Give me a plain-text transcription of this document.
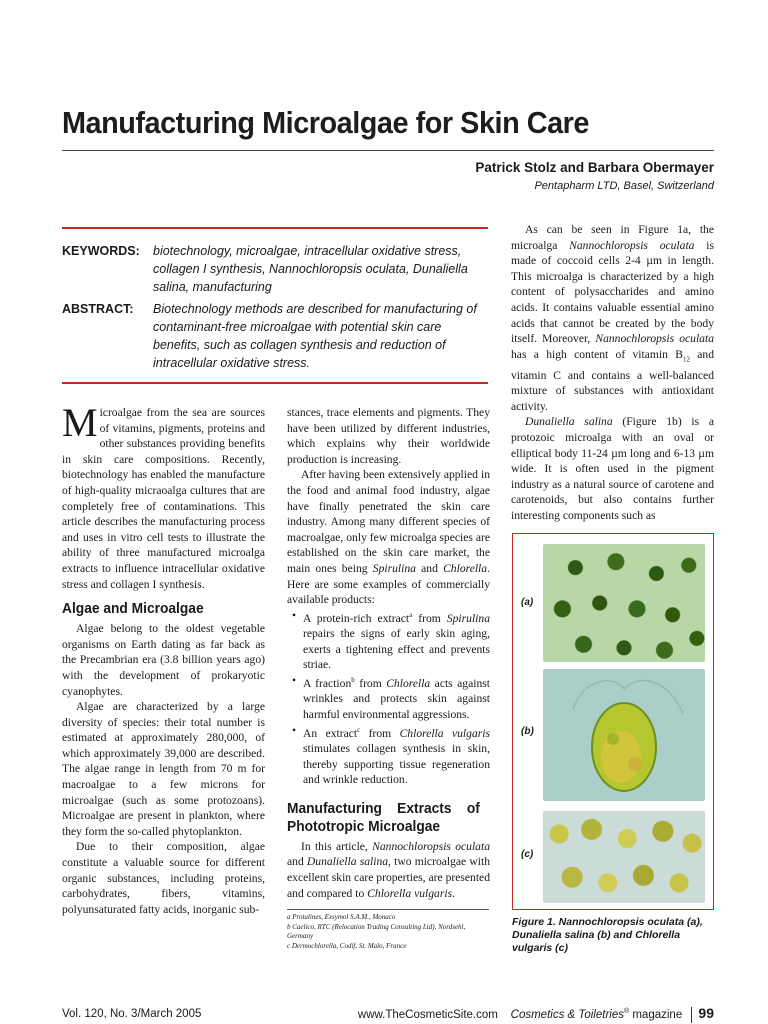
Manufacturing Microalgae for Skin Care
Patrick Stolz and Barbara Obermayer
Pentapharm LTD, Basel, Switzerland
KEYWORDS: biotechnology, microalgae, intracellular oxidative stress, collagen I synthesis, Nannochloropsis oculata, Dunaliella salina, manufacturing
ABSTRACT: Biotechnology methods are described for manufacturing of contaminant-free microalgae with potential skin care benefits, such as collagen synthesis and reduction of intracellular oxidative stress.

Microalgae from the sea are sources of vitamins, pigments, proteins and other substances providing benefits in skin care compositions. Recently, biotechnology has enabled the manufacture of high-quality micraoalga cultures that are completely free of contaminations. This article describes the manufacturing process and uses in vitro cell tests to illustrate the ability of three manufactured microalga extracts to influence intracellular oxidative stress and collagen I synthesis.

Algae and Microalgae

Algae belong to the oldest vegetable organisms on Earth dating as far back as the Precambrian era (3.8 billion years ago) with the development of prokaryotic cyanophytes.

Algae are characterized by a large diversity of species: their total number is estimated at approximately 280,000, of which approximately 39,000 are described. The algae range in length from 70 m for macroalgae to a few microns for microalgae (such as some protozoans). Microalgae are present in plankton, where they form the so-called phytoplankton.

Due to their composition, algae constitute a valuable source for different organic substances, including proteins, carbohydrates, fibers, vitamins, polyunsaturated fatty acids, inorganic sub-

stances, trace elements and pigments. They have been utilized by different industries, which explains why their worldwide production is increasing.

After having been extensively applied in the food and animal food industry, algae have finally penetrated the skin care industry. Among many different species of macroalgae, only few microalga species are established on the skin care market, the main ones being Spirulina and Chlorella. Here are some examples of commercially available products:

• A protein-rich extract$^a$ from Spirulina repairs the signs of early skin aging, exerts a tightening effect and prevents striae.
• A fraction$^b$ from Chlorella acts against wrinkles and protects skin against harmful environmental aggressions.
• An extract$^c$ from Chlorella vulgaris stimulates collagen synthesis in skin, thereby supporting tissue regeneration and wrinkle reduction.
Manufacturing Extracts of Phototropic Microalgae

In this article, Nannochloropsis oculata and Dunaliella salina, two microalgae with excellent skin care properties, are presented and compared to Chlorella vulgaris.

a Protulines, Exsymol S.A.M., Monaco
b Caelico, RTC (Relocation Trading Consulting Ltd), Nordsehl, Germany
c Dermochlorella, Codif, St. Malo, France

As can be seen in Figure 1a, the microalga Nannochloropsis oculata is made of coccoid cells 2-4 µm in length. This microalga is characterized by a high content of polysaccharides and amino acids. It contains valuable essential amino acids that cannot be created by the body itself. Moreover, Nannochloropsis oculata has a high content of vitamin $B_{12}$ and vitamin C and contains a well-balanced mixture of substances with antioxidant activity.

Dunaliella salina (Figure 1b) is a protozoic microalga with an oval or elliptical body 11-24 µm long and 6-13 µm wide. It is often used in the pigment industry as a natural source of carotene and carotenoids, but also contains further interesting components such as

(a)
(b)
(c)
Figure 1. Nannochloropsis oculata (a), Dunaliella salina (b) and Chlorella vulgaris (c)
Vol. 120, No. 3/March 2005	www.TheCosmeticSite.com Cosmetics & Toiletries® magazine 99
